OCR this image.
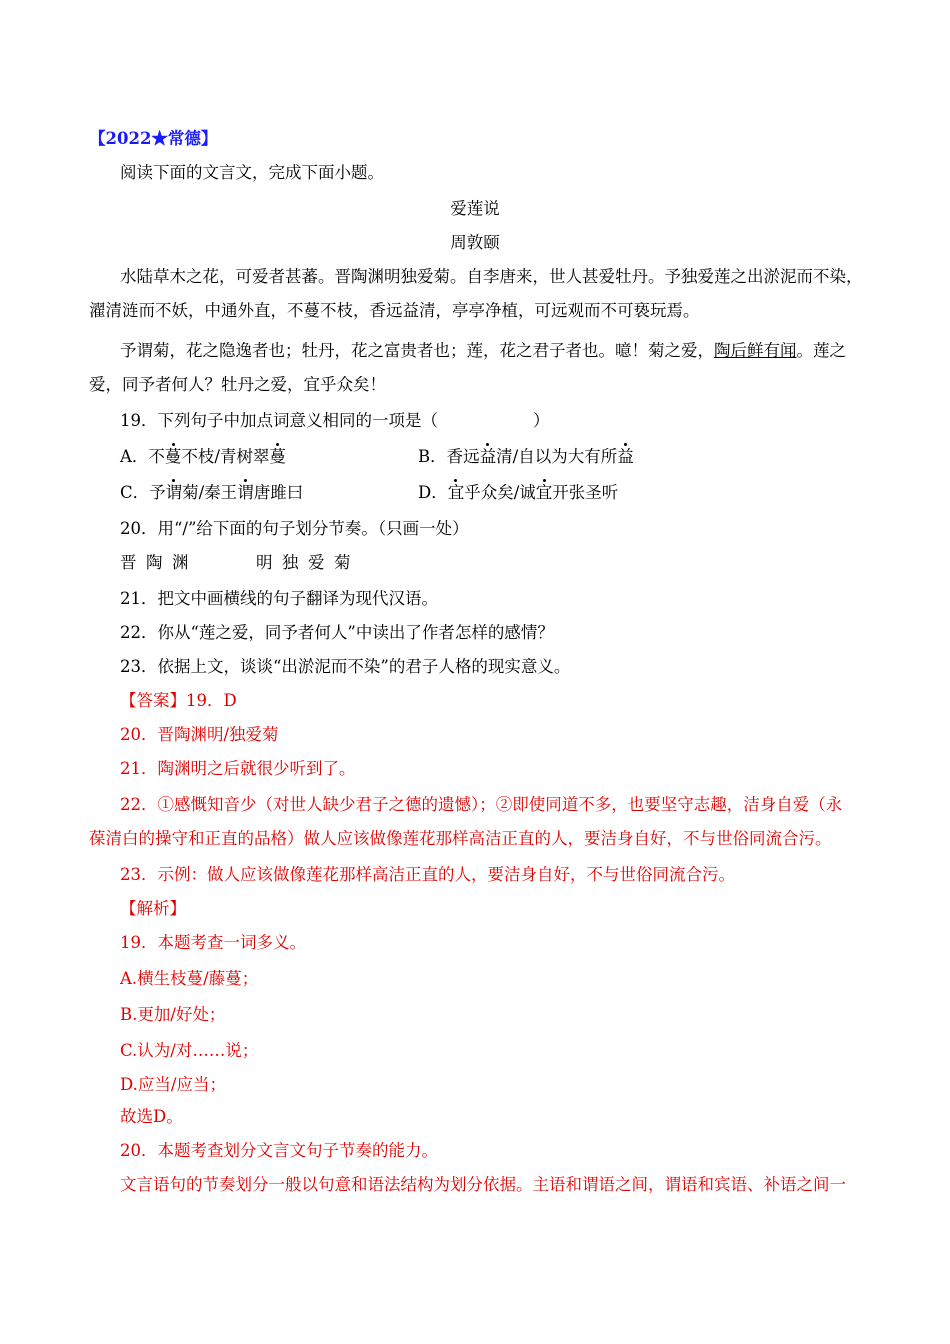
【2022★常德】
阅读下面的文言文，完成下面小题。
爱莲说
周敦颐
水陆草木之花，可爱者甚蕃。晋陶渊明独爱菊。自李唐来，世人甚爱牡丹。予独爱莲之出淤泥而不染，
濯清涟而不妖，中通外直，不蔓不枝，香远益清，亭亭净植，可远观而不可亵玩焉。
予谓菊，花之隐逸者也；牡丹，花之富贵者也；莲，花之君子者也。噫！菊之爱，陶后鲜有闻。莲之
爱，同予者何人？牡丹之爱，宜乎众矣！
19．下列句子中加点词意义相同的一项是（	）
A．不蔓不枝/青树翠蔓	B．香远益清/自以为大有所益
C．予谓菊/秦王谓唐雎曰	D．宜乎众矣/诚宜开张圣听
20．用“/”给下面的句子划分节奏。（只画一处）
晋 陶 渊	明 独 爱 菊
21．把文中画横线的句子翻译为现代汉语。
22．你从“莲之爱，同予者何人”中读出了作者怎样的感情？
23．依据上文，谈谈“出淤泥而不染”的君子人格的现实意义。
【答案】19．D
20．晋陶渊明/独爱菊
21．陶渊明之后就很少听到了。
22．①感慨知音少（对世人缺少君子之德的遗憾）；②即使同道不多，也要坚守志趣，洁身自爱（永
葆清白的操守和正直的品格）做人应该做像莲花那样高洁正直的人，要洁身自好，不与世俗同流合污。
23．示例：做人应该做像莲花那样高洁正直的人，要洁身自好，不与世俗同流合污。
【解析】
19．本题考查一词多义。
A.横生枝蔓/藤蔓；
B.更加/好处；
C.认为/对……说；
D.应当/应当；
故选D。
20．本题考查划分文言文句子节奏的能力。
文言语句的节奏划分一般以句意和语法结构为划分依据。主语和谓语之间，谓语和宾语、补语之间一
